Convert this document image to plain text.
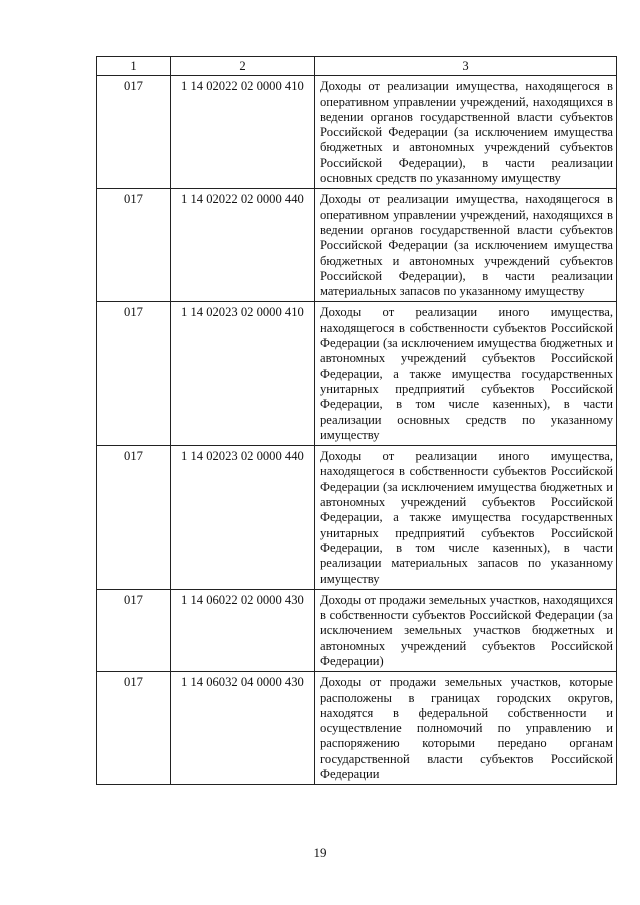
1	2	3
017	1 14 02022 02 0000 410	Доходы от реализации имущества, находящегося в оперативном управлении учреждений, находящихся в ведении органов государственной власти субъектов Российской Федерации (за исключением имущества бюджетных и автономных учреждений субъектов Российской Федерации), в части реализации основных средств по указанному имуществу
017	1 14 02022 02 0000 440	Доходы от реализации имущества, находящегося в оперативном управлении учреждений, находящихся в ведении органов государственной власти субъектов Российской Федерации (за исключением имущества бюджетных и автономных учреждений субъектов Российской Федерации), в части реализации материальных запасов по указанному имуществу
017	1 14 02023 02 0000 410	Доходы от реализации иного имущества, находящегося в собственности субъектов Российской Федерации (за исключением имущества бюджетных и автономных учреждений субъектов Российской Федерации, а также имущества государственных унитарных предприятий субъектов Российской Федерации, в том числе казенных), в части реализации основных средств по указанному имуществу
017	1 14 02023 02 0000 440	Доходы от реализации иного имущества, находящегося в собственности субъектов Российской Федерации (за исключением имущества бюджетных и автономных учреждений субъектов Российской Федерации, а также имущества государственных унитарных предприятий субъектов Российской Федерации, в том числе казенных), в части реализации материальных запасов по указанному имуществу
017	1 14 06022 02 0000 430	Доходы от продажи земельных участков, находящихся в собственности субъектов Российской Федерации (за исключением земельных участков бюджетных и автономных учреждений субъектов Российской Федерации)
017	1 14 06032 04 0000 430	Доходы от продажи земельных участков, которые расположены в границах городских округов, находятся в федеральной собственности и осуществление полномочий по управлению и распоряжению которыми передано органам государственной власти субъектов Российской Федерации
19
